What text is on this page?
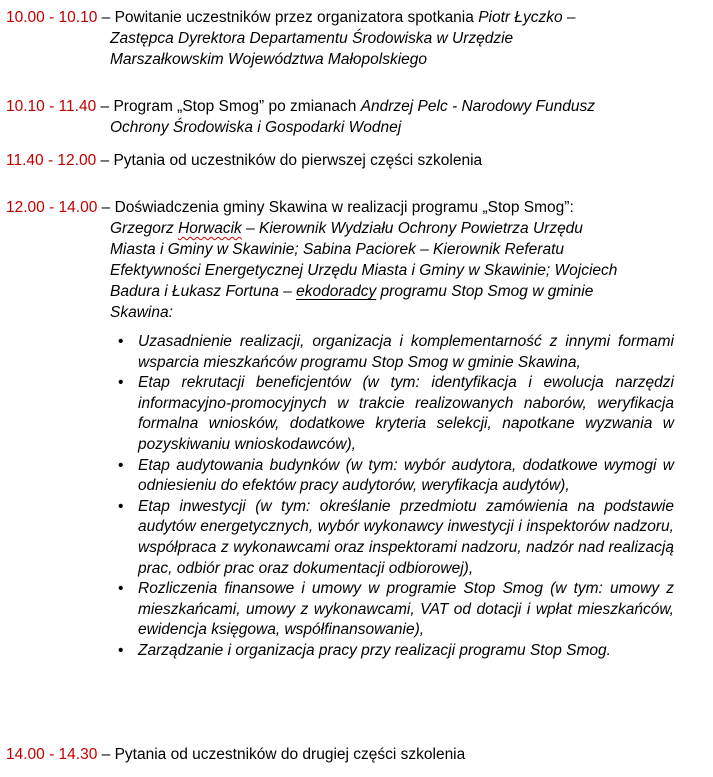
10.00 - 10.10 – Powitanie uczestników przez organizatora spotkania Piotr Łyczko –
Zastępca Dyrektora Departamentu Środowiska w Urzędzie
Marszałkowskim Województwa Małopolskiego
10.10 - 11.40 – Program „Stop Smog” po zmianach Andrzej Pelc - Narodowy Fundusz
Ochrony Środowiska i Gospodarki Wodnej
11.40 - 12.00 – Pytania od uczestników do pierwszej części szkolenia
12.00 - 14.00 – Doświadczenia gminy Skawina w realizacji programu „Stop Smog”:
Grzegorz Horwacik – Kierownik Wydziału Ochrony Powietrza Urzędu
Miasta i Gminy w Skawinie; Sabina Paciorek – Kierownik Referatu
Efektywności Energetycznej Urzędu Miasta i Gminy w Skawinie; Wojciech
Badura i Łukasz Fortuna – ekodoradcy programu Stop Smog w gminie
Skawina:
• Uzasadnienie realizacji, organizacja i komplementarność z innymi formami wsparcia mieszkańców programu Stop Smog w gminie Skawina,
• Etap rekrutacji beneficjentów (w tym: identyfikacja i ewolucja narzędzi informacyjno-promocyjnych w trakcie realizowanych naborów, weryfikacja formalna wniosków, dodatkowe kryteria selekcji, napotkane wyzwania w pozyskiwaniu wnioskodawców),
• Etap audytowania budynków (w tym: wybór audytora, dodatkowe wymogi w odniesieniu do efektów pracy audytorów, weryfikacja audytów),
• Etap inwestycji (w tym: określanie przedmiotu zamówienia na podstawie audytów energetycznych, wybór wykonawcy inwestycji i inspektorów nadzoru, współpraca z wykonawcami oraz inspektorami nadzoru, nadzór nad realizacją prac, odbiór prac oraz dokumentacji odbiorowej),
• Rozliczenia finansowe i umowy w programie Stop Smog (w tym: umowy z mieszkańcami, umowy z wykonawcami, VAT od dotacji i wpłat mieszkańców, ewidencja księgowa, współfinansowanie),
• Zarządzanie i organizacja pracy przy realizacji programu Stop Smog.
14.00 - 14.30 – Pytania od uczestników do drugiej części szkolenia
